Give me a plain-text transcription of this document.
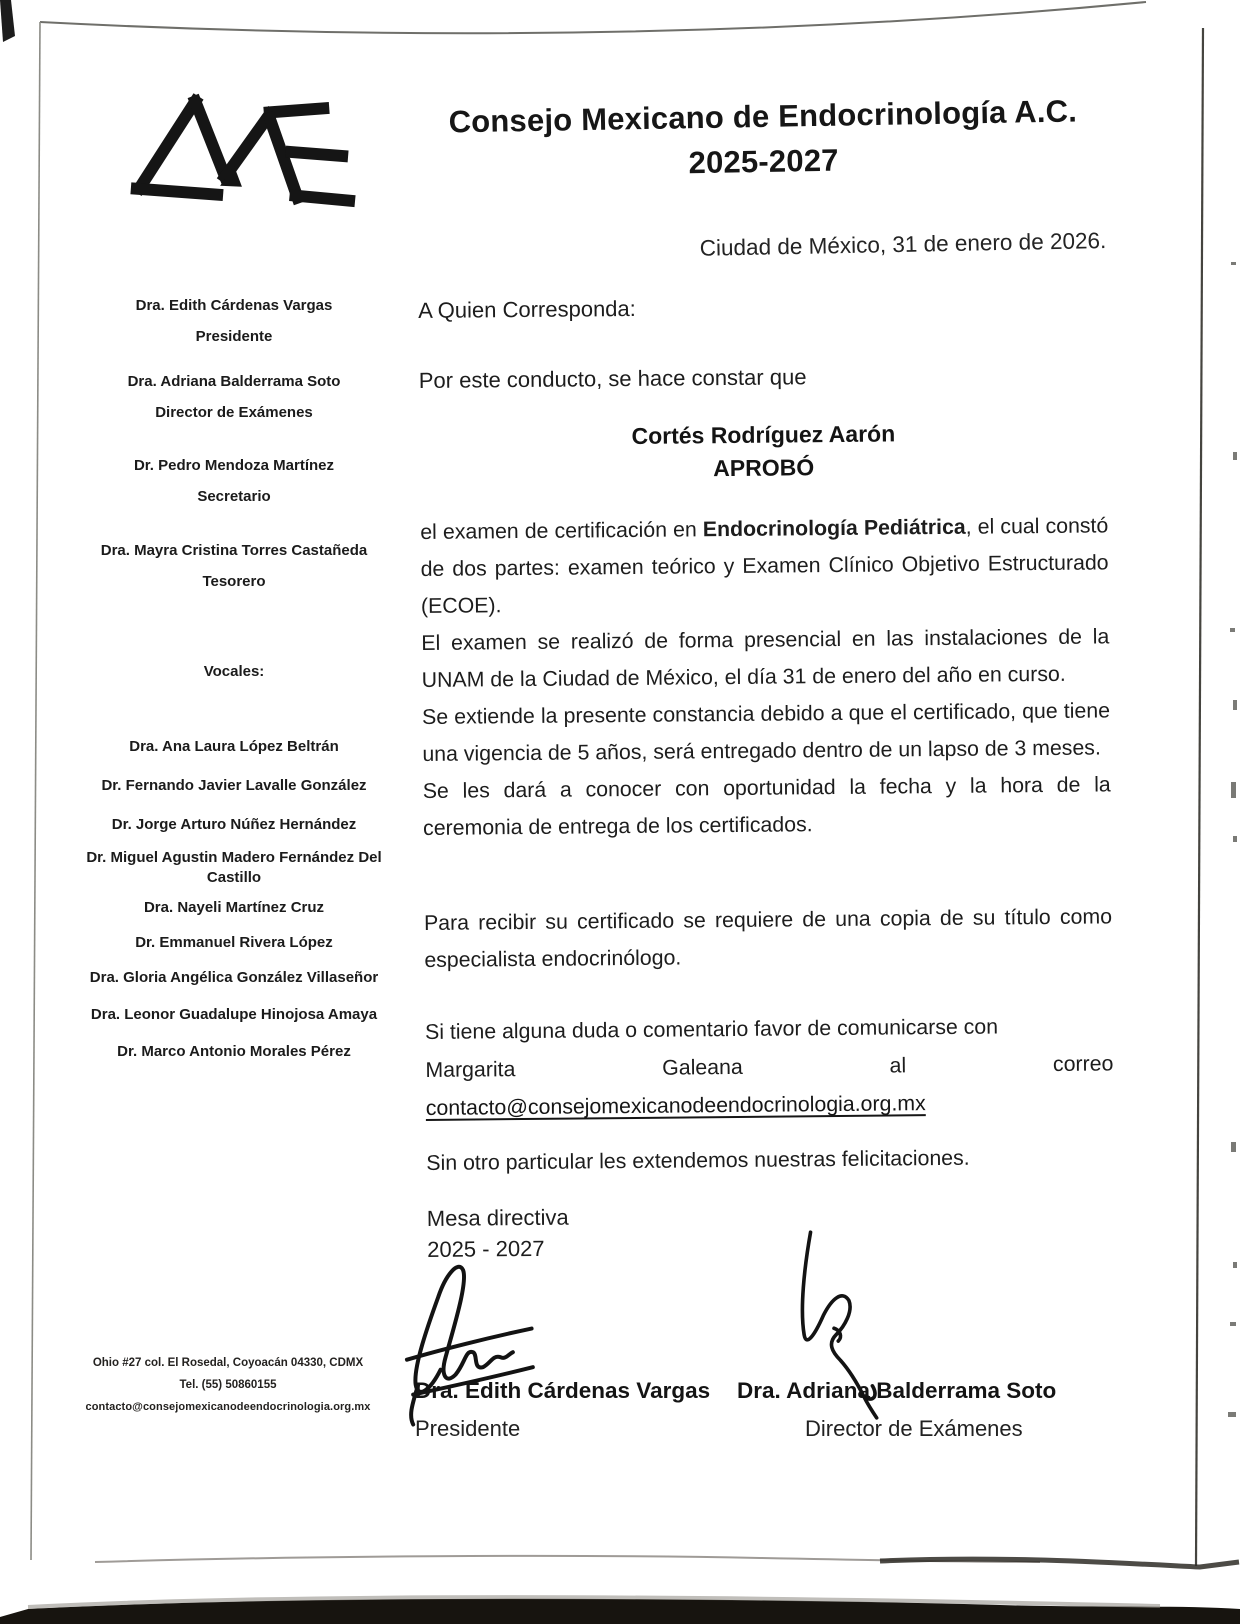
Consejo Mexicano de Endocrinología A.C.
2025-2027
Ciudad de México, 31 de enero de 2026.
Dra. Edith Cárdenas Vargas
Presidente
Dra. Adriana Balderrama Soto
Director de Exámenes
Dr. Pedro Mendoza Martínez
Secretario
Dra. Mayra Cristina Torres Castañeda
Tesorero
Vocales:
Dra. Ana Laura López Beltrán
Dr. Fernando Javier Lavalle González
Dr. Jorge Arturo Núñez Hernández
Dr. Miguel Agustin Madero Fernández Del Castillo
Dra. Nayeli Martínez Cruz
Dr. Emmanuel Rivera López
Dra. Gloria Angélica González Villaseñor
Dra. Leonor Guadalupe Hinojosa Amaya
Dr. Marco Antonio Morales Pérez

A Quien Corresponda:

Por este conducto, se hace constar que

Cortés Rodríguez Aarón
APROBÓ

el examen de certificación en Endocrinología Pediátrica, el cual constó de dos partes: examen teórico y Examen Clínico Objetivo Estructurado (ECOE).

El examen se realizó de forma presencial en las instalaciones de la UNAM de la Ciudad de México, el día 31 de enero del año en curso.

Se extiende la presente constancia debido a que el certificado, que tiene una vigencia de 5 años, será entregado dentro de un lapso de 3 meses.

Se les dará a conocer con oportunidad la fecha y la hora de la ceremonia de entrega de los certificados.

Para recibir su certificado se requiere de una copia de su título como especialista endocrinólogo.

Si tiene alguna duda o comentario favor de comunicarse con
Margarita	Galeana	al	correo
contacto@consejomexicanodeendocrinologia.org.mx

Sin otro particular les extendemos nuestras felicitaciones.

Mesa directiva
2025 - 2027
Dra. Edith Cárdenas Vargas
Presidente
Dra. Adriana Balderrama Soto
Director de Exámenes
Ohio #27 col. El Rosedal, Coyoacán 04330, CDMX
Tel. (55) 50860155
contacto@consejomexicanodeendocrinologia.org.mx
